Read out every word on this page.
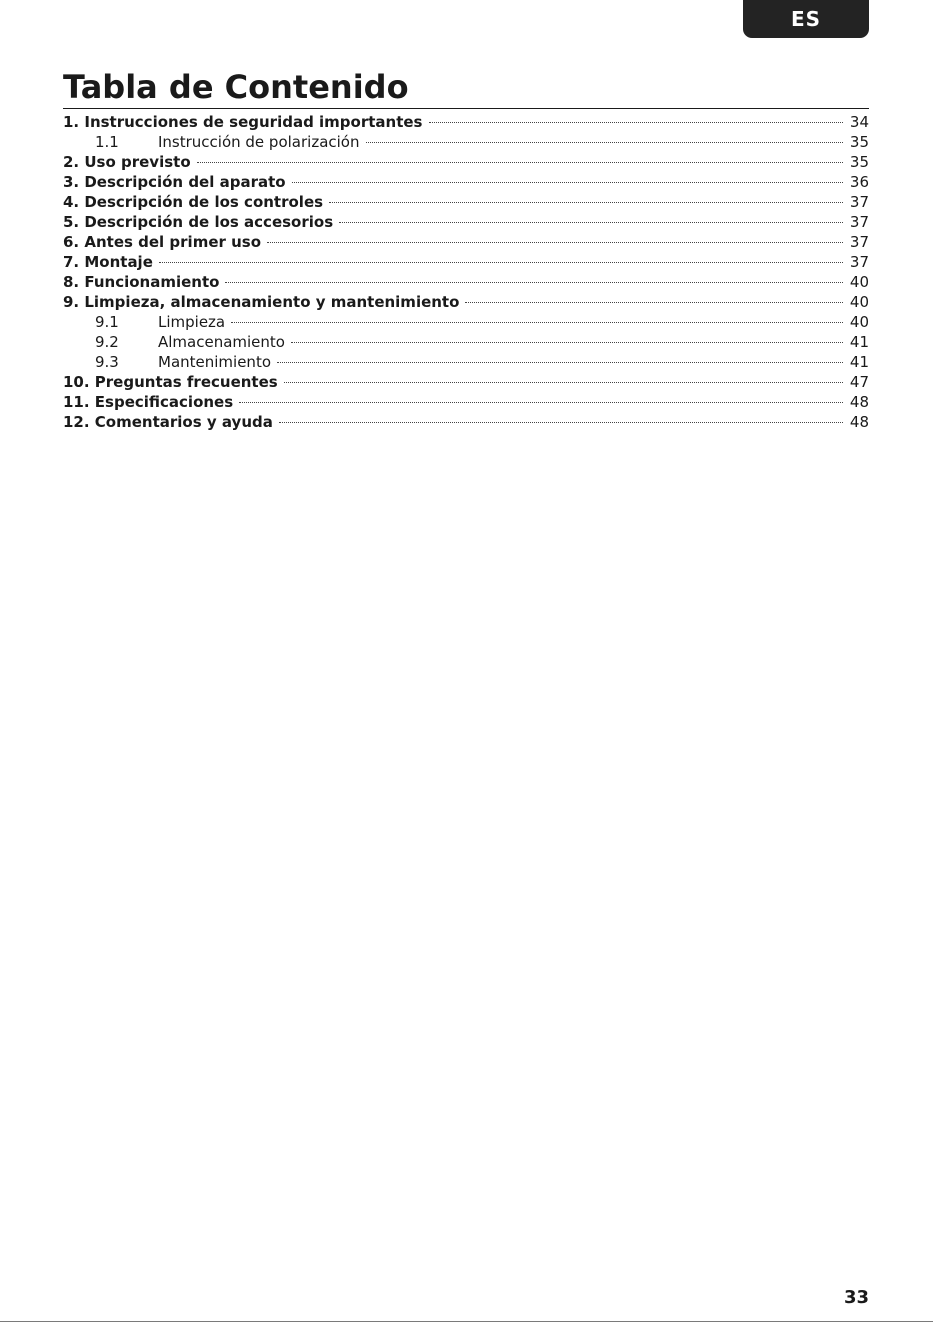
ES
Tabla de Contenido
1. Instrucciones de seguridad importantes	34
1.1	Instrucción de polarización	35
2. Uso previsto	35
3. Descripción del aparato	36
4. Descripción de los controles	37
5. Descripción de los accesorios	37
6. Antes del primer uso	37
7. Montaje	37
8. Funcionamiento	40
9. Limpieza, almacenamiento y mantenimiento	40
9.1	Limpieza	40
9.2	Almacenamiento	41
9.3	Mantenimiento	41
10. Preguntas frecuentes	47
11. Especificaciones	48
12. Comentarios y ayuda	48
33
